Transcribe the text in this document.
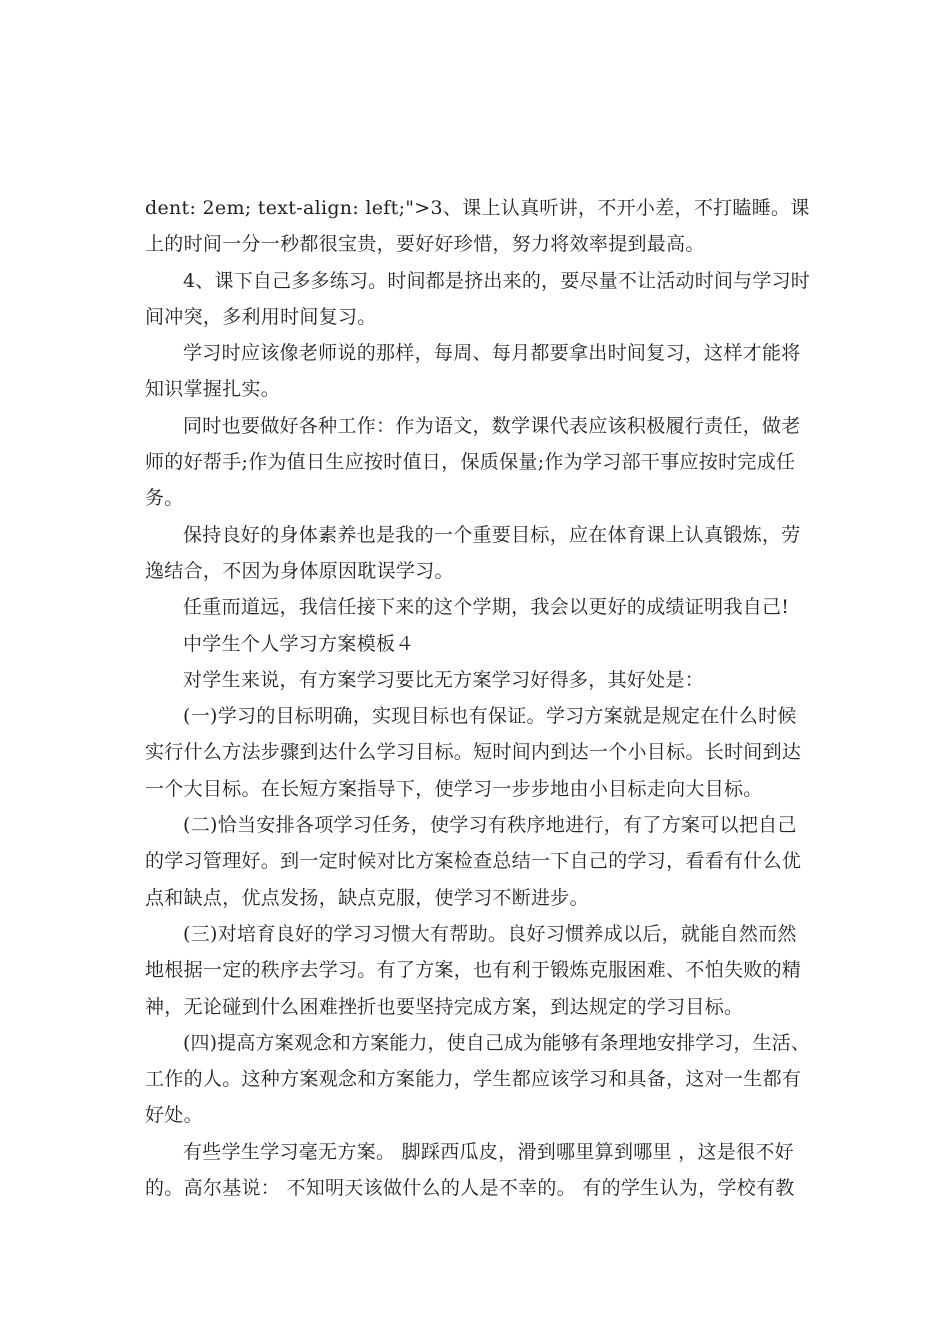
dent: 2em; text-align: left;">3、课上认真听讲，不开小差，不打瞌睡。课
上的时间一分一秒都很宝贵，要好好珍惜，努力将效率提到最高。
4、课下自己多多练习。时间都是挤出来的，要尽量不让活动时间与学习时
间冲突，多利用时间复习。
学习时应该像老师说的那样，每周、每月都要拿出时间复习，这样才能将
知识掌握扎实。
同时也要做好各种工作：作为语文，数学课代表应该积极履行责任，做老
师的好帮手;作为值日生应按时值日，保质保量;作为学习部干事应按时完成任
务。
保持良好的身体素养也是我的一个重要目标，应在体育课上认真锻炼，劳
逸结合，不因为身体原因耽误学习。
任重而道远，我信任接下来的这个学期，我会以更好的成绩证明我自己!
中学生个人学习方案模板４
对学生来说，有方案学习要比无方案学习好得多，其好处是：
(一)学习的目标明确，实现目标也有保证。学习方案就是规定在什么时候
实行什么方法步骤到达什么学习目标。短时间内到达一个小目标。长时间到达
一个大目标。在长短方案指导下，使学习一步步地由小目标走向大目标。
(二)恰当安排各项学习任务，使学习有秩序地进行，有了方案可以把自己
的学习管理好。到一定时候对比方案检查总结一下自己的学习，看看有什么优
点和缺点，优点发扬，缺点克服，使学习不断进步。
(三)对培育良好的学习习惯大有帮助。良好习惯养成以后，就能自然而然
地根据一定的秩序去学习。有了方案，也有利于锻炼克服困难、不怕失败的精
神，无论碰到什么困难挫折也要坚持完成方案，到达规定的学习目标。
(四)提高方案观念和方案能力，使自己成为能够有条理地安排学习，生活、
工作的人。这种方案观念和方案能力，学生都应该学习和具备，这对一生都有
好处。
有些学生学习毫无方案。 脚踩西瓜皮，滑到哪里算到哪里 ，这是很不好
的。高尔基说： 不知明天该做什么的人是不幸的。 有的学生认为，学校有教
